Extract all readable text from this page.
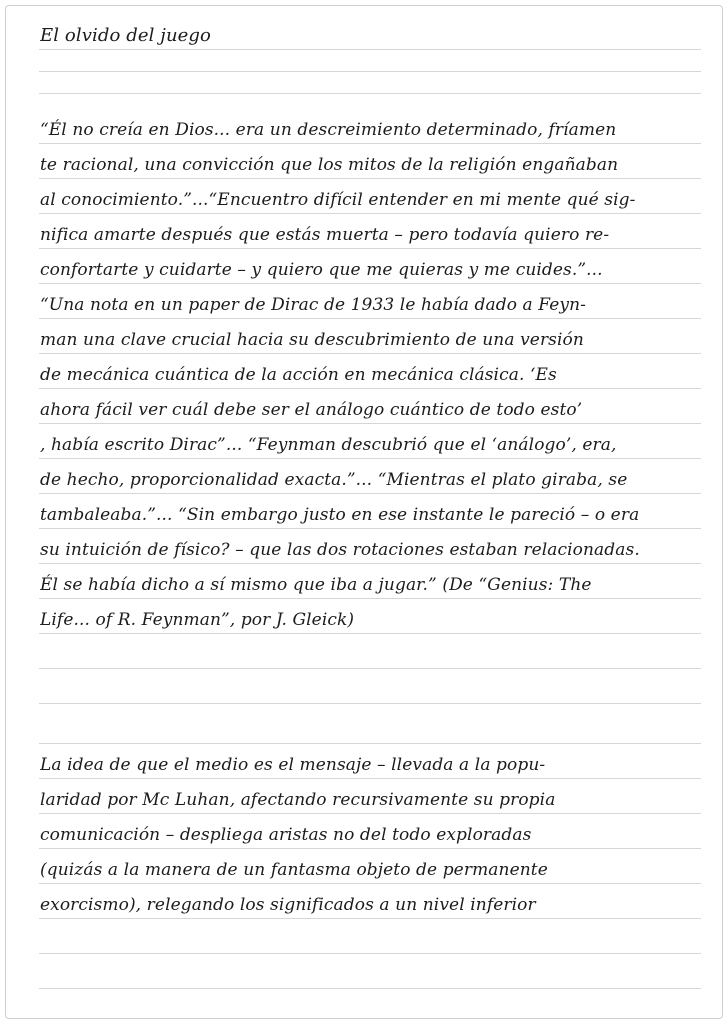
El olvido del juego
“Él no creía en Dios... era un descreimiento determinado, fríamen
te racional, una convicción que los mitos de la religión engañaban
al conocimiento.”...“Encuentro difícil entender en mi mente qué sig-
nifica amarte después que estás muerta – pero todavía quiero re-
confortarte y cuidarte – y quiero que me quieras y me cuides.”...
“Una nota en un paper de Dirac de 1933 le había dado a Feyn-
man una clave crucial hacia su descubrimiento de una versión
de mecánica cuántica de la acción en mecánica clásica. ‘Es
ahora fácil ver cuál debe ser el análogo cuántico de todo esto’
, había escrito Dirac”... “Feynman descubrió que el ‘análogo’, era,
de hecho, proporcionalidad exacta.”... “Mientras el plato giraba, se
tambaleaba.”... “Sin embargo justo en ese instante le pareció – o era
su intuición de físico? – que las dos rotaciones estaban relacionadas.
Él se había dicho a sí mismo que iba a jugar.” (De “Genius: The
Life... of R. Feynman”, por J. Gleick)
La idea de que el medio es el mensaje – llevada a la popu-
laridad por Mc Luhan, afectando recursivamente su propia
comunicación – despliega aristas no del todo exploradas
(quizás a la manera de un fantasma objeto de permanente
exorcismo), relegando los significados a un nivel inferior
